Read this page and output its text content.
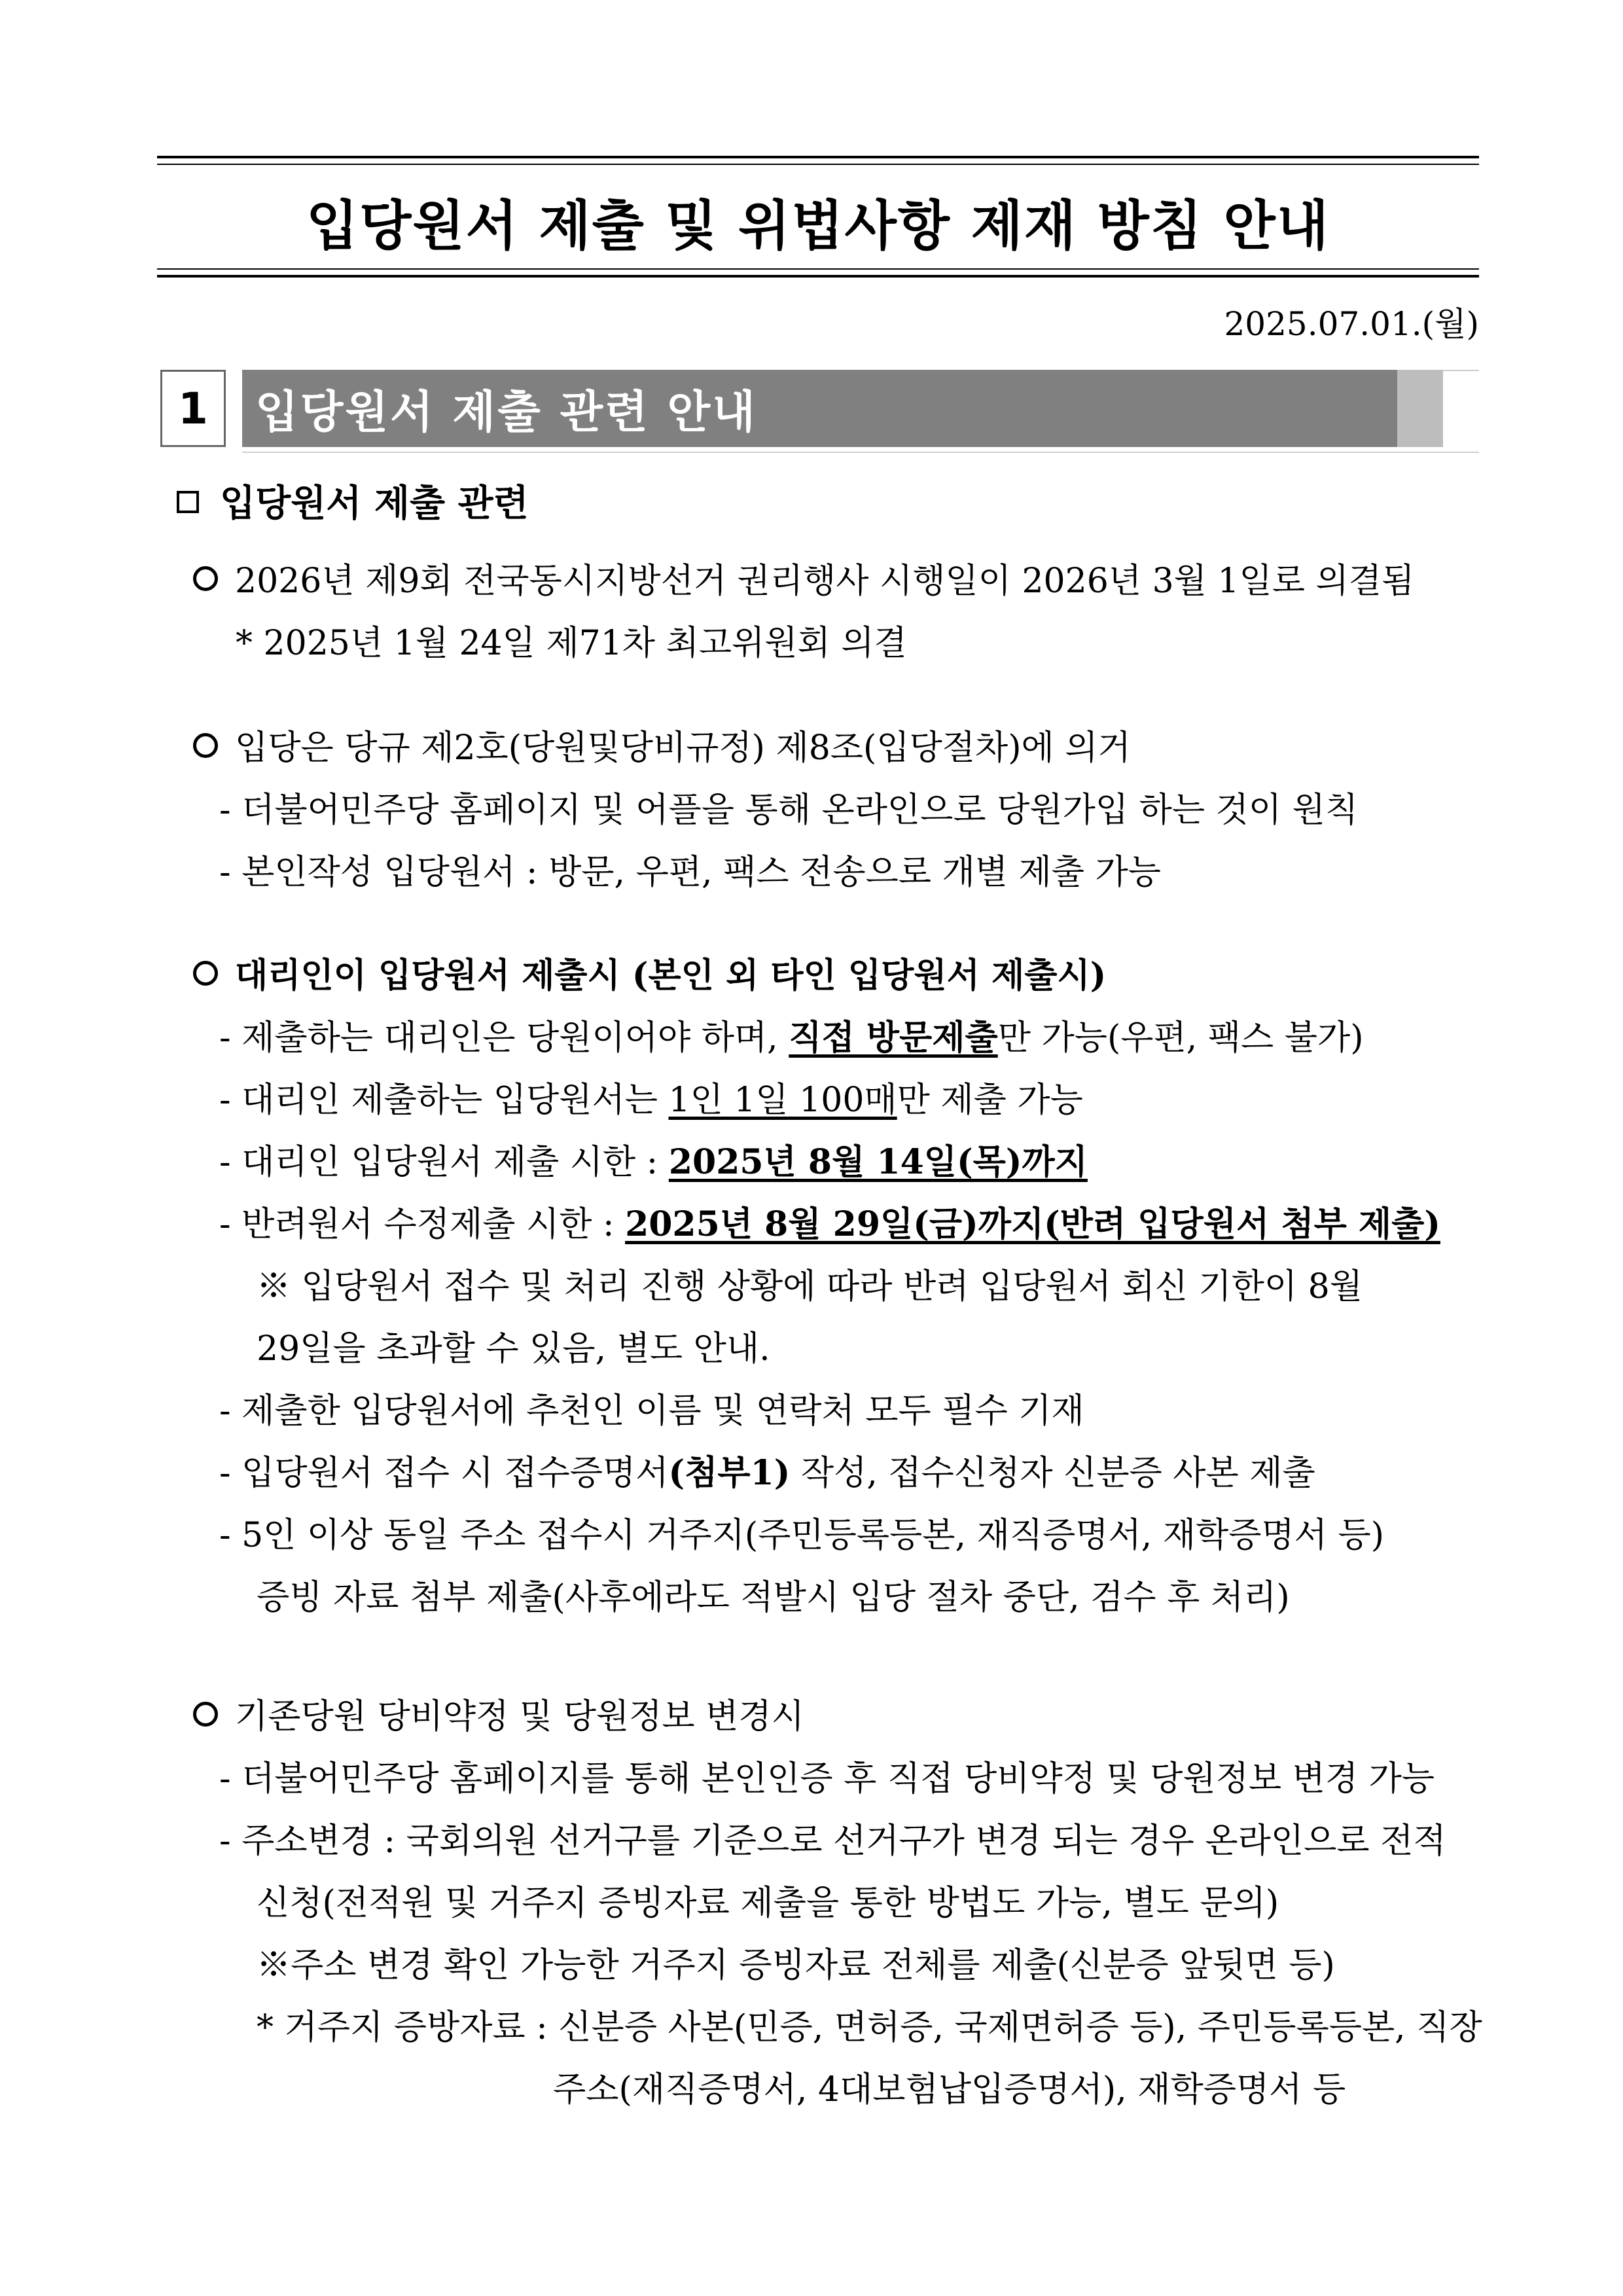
입당원서 제출 및 위법사항 제재 방침 안내
2025.07.01.(월)
1	입당원서 제출 관련 안내
입당원서 제출 관련
2026년 제9회 전국동시지방선거 권리행사 시행일이 2026년 3월 1일로 의결됨
* 2025년 1월 24일 제71차 최고위원회 의결
입당은 당규 제2호(당원및당비규정) 제8조(입당절차)에 의거
- 더불어민주당 홈페이지 및 어플을 통해 온라인으로 당원가입 하는 것이 원칙
- 본인작성 입당원서 : 방문, 우편, 팩스 전송으로 개별 제출 가능
대리인이 입당원서 제출시 (본인 외 타인 입당원서 제출시)
- 제출하는 대리인은 당원이어야 하며, 직접 방문제출만 가능(우편, 팩스 불가)
- 대리인 제출하는 입당원서는 1인 1일 100매만 제출 가능
- 대리인 입당원서 제출 시한 : 2025년 8월 14일(목)까지
- 반려원서 수정제출 시한 : 2025년 8월 29일(금)까지(반려 입당원서 첨부 제출)
※ 입당원서 접수 및 처리 진행 상황에 따라 반려 입당원서 회신 기한이 8월
29일을 초과할 수 있음, 별도 안내.
- 제출한 입당원서에 추천인 이름 및 연락처 모두 필수 기재
- 입당원서 접수 시 접수증명서(첨부1) 작성, 접수신청자 신분증 사본 제출
- 5인 이상 동일 주소 접수시 거주지(주민등록등본, 재직증명서, 재학증명서 등)
증빙 자료 첨부 제출(사후에라도 적발시 입당 절차 중단, 검수 후 처리)
기존당원 당비약정 및 당원정보 변경시
- 더불어민주당 홈페이지를 통해 본인인증 후 직접 당비약정 및 당원정보 변경 가능
- 주소변경 : 국회의원 선거구를 기준으로 선거구가 변경 되는 경우 온라인으로 전적
신청(전적원 및 거주지 증빙자료 제출을 통한 방법도 가능, 별도 문의)
※주소 변경 확인 가능한 거주지 증빙자료 전체를 제출(신분증 앞뒷면 등)
* 거주지 증방자료 : 신분증 사본(민증, 면허증, 국제면허증 등), 주민등록등본, 직장
주소(재직증명서, 4대보험납입증명서), 재학증명서 등
